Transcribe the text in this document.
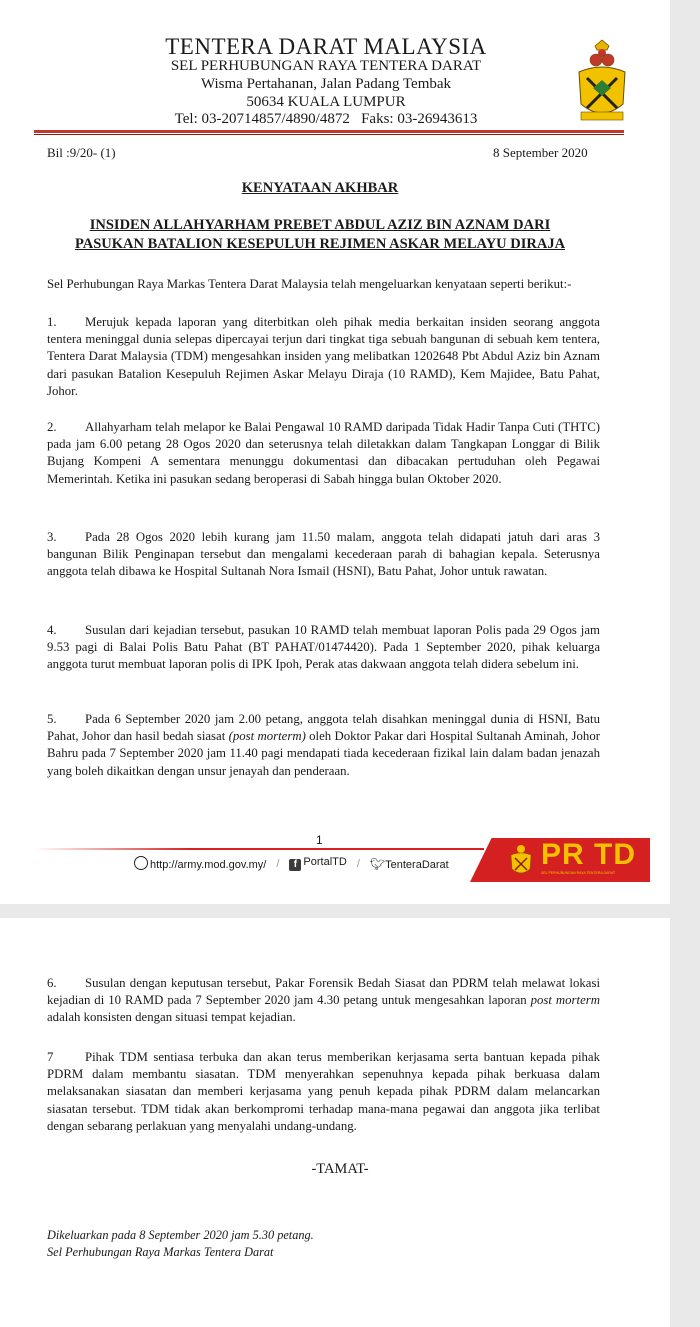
TENTERA DARAT MALAYSIA
SEL PERHUBUNGAN RAYA TENTERA DARAT
Wisma Pertahanan, Jalan Padang Tembak
50634 KUALA LUMPUR
Tel: 03-20714857/4890/4872   Faks: 03-26943613
Bil :9/20- (1)	8 September 2020
KENYATAAN AKHBAR
INSIDEN ALLAHYARHAM PREBET ABDUL AZIZ BIN AZNAM DARI
PASUKAN BATALION KESEPULUH REJIMEN ASKAR MELAYU DIRAJA

Sel Perhubungan Raya Markas Tentera Darat Malaysia telah mengeluarkan kenyataan seperti berikut:-

1. Merujuk kepada laporan yang diterbitkan oleh pihak media berkaitan insiden seorang anggota tentera meninggal dunia selepas dipercayai terjun dari tingkat tiga sebuah bangunan di sebuah kem tentera, Tentera Darat Malaysia (TDM) mengesahkan insiden yang melibatkan 1202648 Pbt Abdul Aziz bin Aznam dari pasukan Batalion Kesepuluh Rejimen Askar Melayu Diraja (10 RAMD), Kem Majidee, Batu Pahat, Johor.

2. Allahyarham telah melapor ke Balai Pengawal 10 RAMD daripada Tidak Hadir Tanpa Cuti (THTC) pada jam 6.00 petang 28 Ogos 2020 dan seterusnya telah diletakkan dalam Tangkapan Longgar di Bilik Bujang Kompeni A sementara menunggu dokumentasi dan dibacakan pertuduhan oleh Pegawai Memerintah. Ketika ini pasukan sedang beroperasi di Sabah hingga bulan Oktober 2020.

3. Pada 28 Ogos 2020 lebih kurang jam 11.50 malam, anggota telah didapati jatuh dari aras 3 bangunan Bilik Penginapan tersebut dan mengalami kecederaan parah di bahagian kepala. Seterusnya anggota telah dibawa ke Hospital Sultanah Nora Ismail (HSNI), Batu Pahat, Johor untuk rawatan.

4. Susulan dari kejadian tersebut, pasukan 10 RAMD telah membuat laporan Polis pada 29 Ogos jam 9.53 pagi di Balai Polis Batu Pahat (BT PAHAT/01474420). Pada 1 September 2020, pihak keluarga anggota turut membuat laporan polis di IPK Ipoh, Perak atas dakwaan anggota telah didera sebelum ini.

5. Pada 6 September 2020 jam 2.00 petang, anggota telah disahkan meninggal dunia di HSNI, Batu Pahat, Johor dan hasil bedah siasat (post morterm) oleh Doktor Pakar dari Hospital Sultanah Aminah, Johor Bahru pada 7 September 2020 jam 11.40 pagi mendapati tiada kecederaan fizikal lain dalam badan jenazah yang boleh dikaitkan dengan unsur jenayah dan penderaan.

1
http://army.mod.gov.my/ /	f PortalTD / 🐦︎TenteraDarat	PR TD
SEL PERHUBUNGAN RAYA TENTERA DARAT

6. Susulan dengan keputusan tersebut, Pakar Forensik Bedah Siasat dan PDRM telah melawat lokasi kejadian di 10 RAMD pada 7 September 2020 jam 4.30 petang untuk mengesahkan laporan post morterm adalah konsisten dengan situasi tempat kejadian.

7 Pihak TDM sentiasa terbuka dan akan terus memberikan kerjasama serta bantuan kepada pihak PDRM dalam membantu siasatan. TDM menyerahkan sepenuhnya kepada pihak berkuasa dalam melaksanakan siasatan dan memberi kerjasama yang penuh kepada pihak PDRM dalam melancarkan siasatan tersebut. TDM tidak akan berkompromi terhadap mana-mana pegawai dan anggota jika terlibat dengan sebarang perlakuan yang menyalahi undang-undang.

-TAMAT-
Dikeluarkan pada 8 September 2020 jam 5.30 petang.
Sel Perhubungan Raya Markas Tentera Darat
